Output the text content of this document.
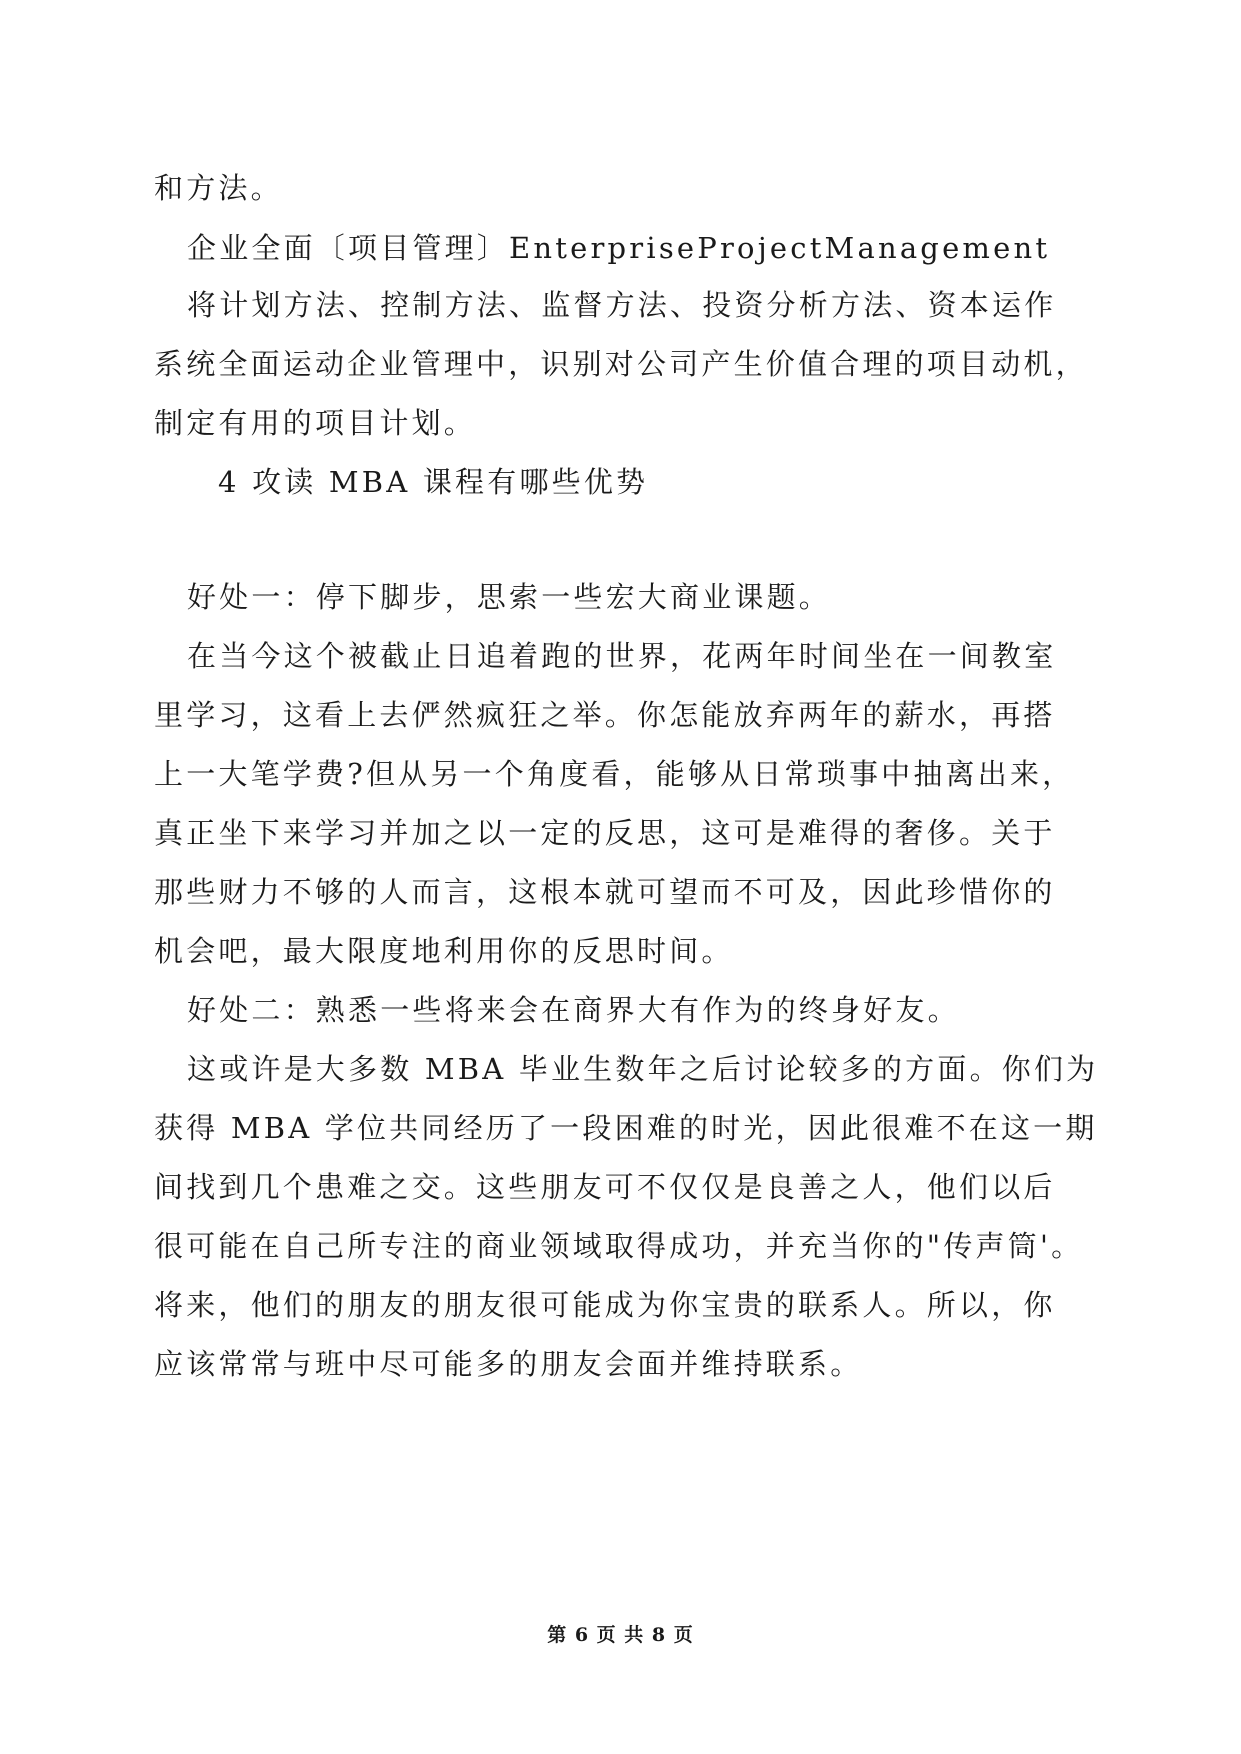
和方法。
企业全面〔项目管理〕EnterpriseProjectManagement
将计划方法、控制方法、监督方法、投资分析方法、资本运作
系统全面运动企业管理中，识别对公司产生价值合理的项目动机，
制定有用的项目计划。
4 攻读 MBA 课程有哪些优势
好处一：停下脚步，思索一些宏大商业课题。
在当今这个被截止日追着跑的世界，花两年时间坐在一间教室
里学习，这看上去俨然疯狂之举。你怎能放弃两年的薪水，再搭
上一大笔学费?但从另一个角度看，能够从日常琐事中抽离出来，
真正坐下来学习并加之以一定的反思，这可是难得的奢侈。关于
那些财力不够的人而言，这根本就可望而不可及，因此珍惜你的
机会吧，最大限度地利用你的反思时间。
好处二：熟悉一些将来会在商界大有作为的终身好友。
这或许是大多数 MBA 毕业生数年之后讨论较多的方面。你们为
获得 MBA 学位共同经历了一段困难的时光，因此很难不在这一期
间找到几个患难之交。这些朋友可不仅仅是良善之人，他们以后
很可能在自己所专注的商业领域取得成功，并充当你的"传声筒'。
将来，他们的朋友的朋友很可能成为你宝贵的联系人。所以，你
应该常常与班中尽可能多的朋友会面并维持联系。
第 6 页 共 8 页
